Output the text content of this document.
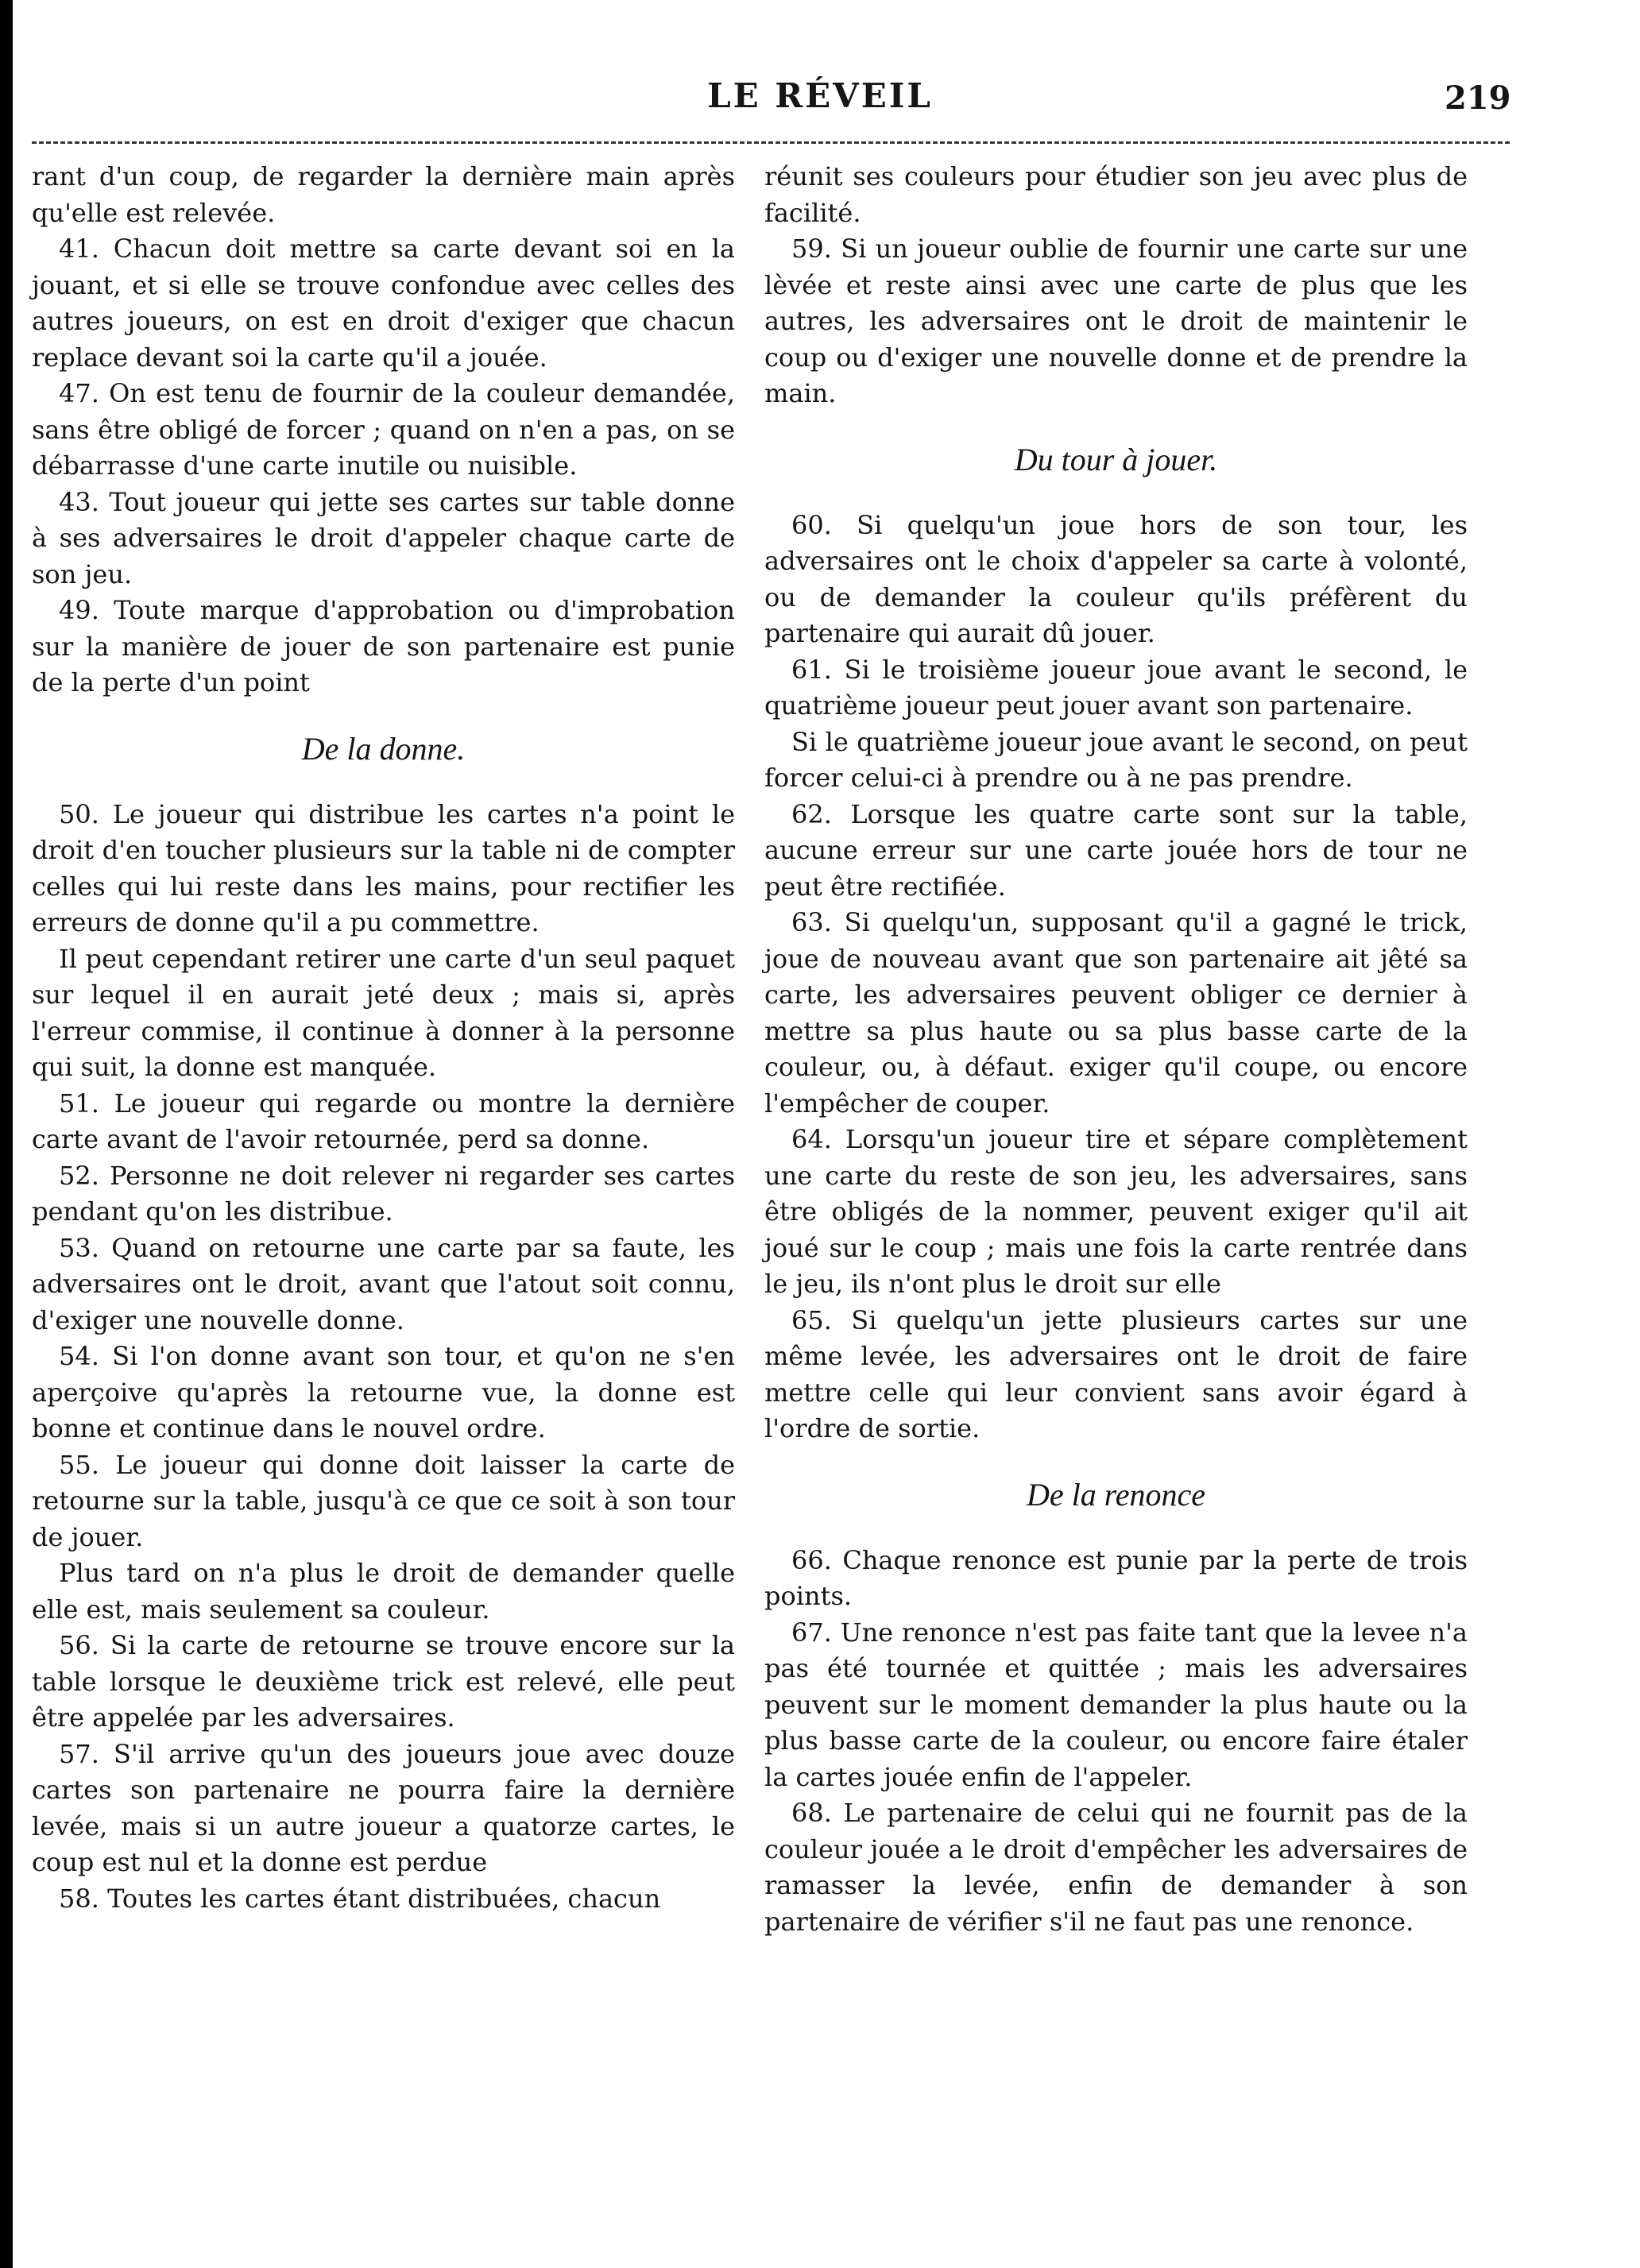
LE RÉVEIL	219

rant d'un coup, de regarder la dernière main après qu'elle est relevée.

41. Chacun doit mettre sa carte devant soi en la jouant, et si elle se trouve confondue avec celles des autres joueurs, on est en droit d'exiger que chacun replace devant soi la carte qu'il a jouée.

47. On est tenu de fournir de la couleur demandée, sans être obligé de forcer ; quand on n'en a pas, on se débarrasse d'une carte inutile ou nuisible.

43. Tout joueur qui jette ses cartes sur table donne à ses adversaires le droit d'appeler chaque carte de son jeu.

49. Toute marque d'approbation ou d'improbation sur la manière de jouer de son partenaire est punie de la perte d'un point

De la donne.

50. Le joueur qui distribue les cartes n'a point le droit d'en toucher plusieurs sur la table ni de compter celles qui lui reste dans les mains, pour rectifier les erreurs de donne qu'il a pu commettre.

Il peut cependant retirer une carte d'un seul paquet sur lequel il en aurait jeté deux ; mais si, après l'erreur commise, il continue à donner à la personne qui suit, la donne est manquée.

51. Le joueur qui regarde ou montre la dernière carte avant de l'avoir retournée, perd sa donne.

52. Personne ne doit relever ni regarder ses cartes pendant qu'on les distribue.

53. Quand on retourne une carte par sa faute, les adversaires ont le droit, avant que l'atout soit connu, d'exiger une nouvelle donne.

54. Si l'on donne avant son tour, et qu'on ne s'en aperçoive qu'après la retourne vue, la donne est bonne et continue dans le nouvel ordre.

55. Le joueur qui donne doit laisser la carte de retourne sur la table, jusqu'à ce que ce soit à son tour de jouer.

Plus tard on n'a plus le droit de demander quelle elle est, mais seulement sa couleur.

56. Si la carte de retourne se trouve encore sur la table lorsque le deuxième trick est relevé, elle peut être appelée par les adversaires.

57. S'il arrive qu'un des joueurs joue avec douze cartes son partenaire ne pourra faire la dernière levée, mais si un autre joueur a quatorze cartes, le coup est nul et la donne est perdue

58. Toutes les cartes étant distribuées, chacun

réunit ses couleurs pour étudier son jeu avec plus de facilité.

59. Si un joueur oublie de fournir une carte sur une lèvée et reste ainsi avec une carte de plus que les autres, les adversaires ont le droit de maintenir le coup ou d'exiger une nouvelle donne et de prendre la main.

Du tour à jouer.

60. Si quelqu'un joue hors de son tour, les adversaires ont le choix d'appeler sa carte à volonté, ou de demander la couleur qu'ils préfèrent du partenaire qui aurait dû jouer.

61. Si le troisième joueur joue avant le second, le quatrième joueur peut jouer avant son partenaire.

Si le quatrième joueur joue avant le second, on peut forcer celui-ci à prendre ou à ne pas prendre.

62. Lorsque les quatre carte sont sur la table, aucune erreur sur une carte jouée hors de tour ne peut être rectifiée.

63. Si quelqu'un, supposant qu'il a gagné le trick, joue de nouveau avant que son partenaire ait jêté sa carte, les adversaires peuvent obliger ce dernier à mettre sa plus haute ou sa plus basse carte de la couleur, ou, à défaut. exiger qu'il coupe, ou encore l'empêcher de couper.

64. Lorsqu'un joueur tire et sépare complètement une carte du reste de son jeu, les adversaires, sans être obligés de la nommer, peuvent exiger qu'il ait joué sur le coup ; mais une fois la carte rentrée dans le jeu, ils n'ont plus le droit sur elle

65. Si quelqu'un jette plusieurs cartes sur une même levée, les adversaires ont le droit de faire mettre celle qui leur convient sans avoir égard à l'ordre de sortie.

De la renonce

66. Chaque renonce est punie par la perte de trois points.

67. Une renonce n'est pas faite tant que la levee n'a pas été tournée et quittée ; mais les adversaires peuvent sur le moment demander la plus haute ou la plus basse carte de la couleur, ou encore faire étaler la cartes jouée enfin de l'appeler.

68. Le partenaire de celui qui ne fournit pas de la couleur jouée a le droit d'empêcher les adversaires de ramasser la levée, enfin de demander à son partenaire de vérifier s'il ne faut pas une renonce.
